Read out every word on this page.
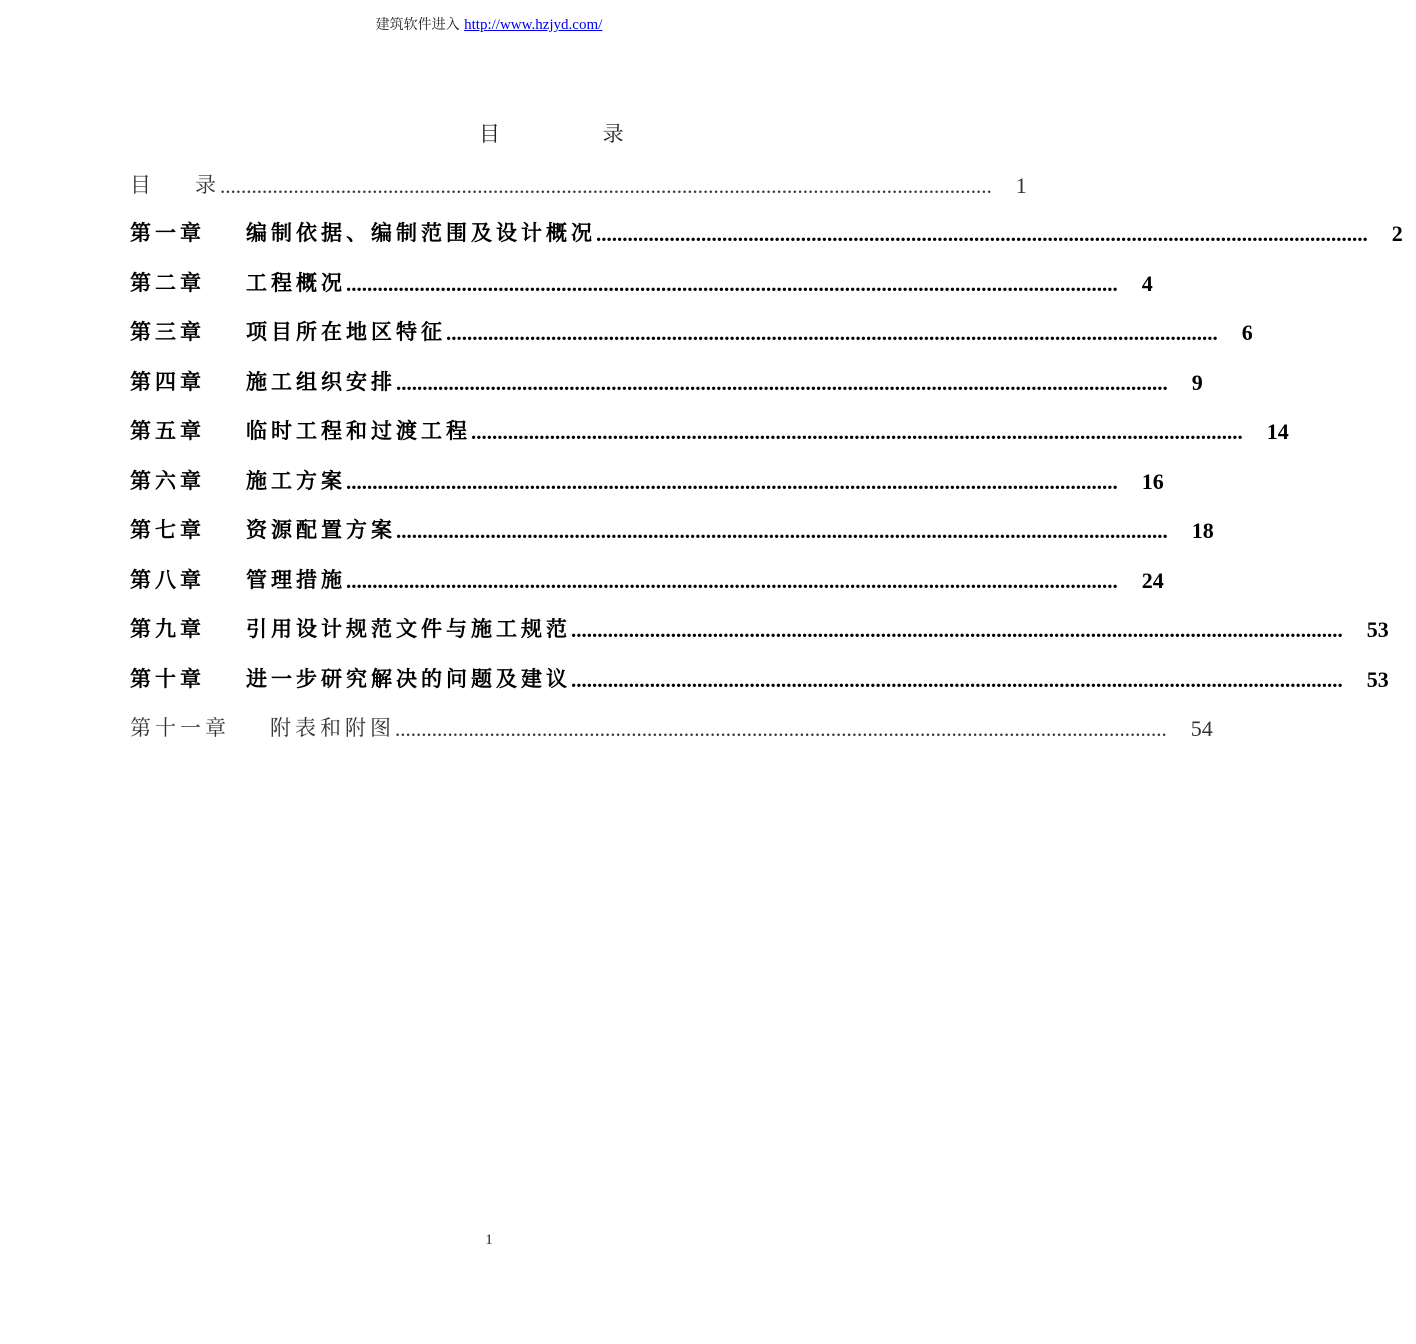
建筑软件进入 http://www.hzjyd.com/
目 录
目 录 ................................................................................................................................................... 1
第一章	编制依据、编制范围及设计概况 ................................................................................................................................................... 2
第二章	工程概况 ................................................................................................................................................... 4
第三章	项目所在地区特征 ................................................................................................................................................... 6
第四章	施工组织安排 ................................................................................................................................................... 9
第五章	临时工程和过渡工程 ................................................................................................................................................... 14
第六章	施工方案 ................................................................................................................................................... 16
第七章	资源配置方案 ................................................................................................................................................... 18
第八章	管理措施 ................................................................................................................................................... 24
第九章	引用设计规范文件与施工规范 ................................................................................................................................................... 53
第十章	进一步研究解决的问题及建议 ................................................................................................................................................... 53
第十一章	附表和附图 ................................................................................................................................................... 54
1
